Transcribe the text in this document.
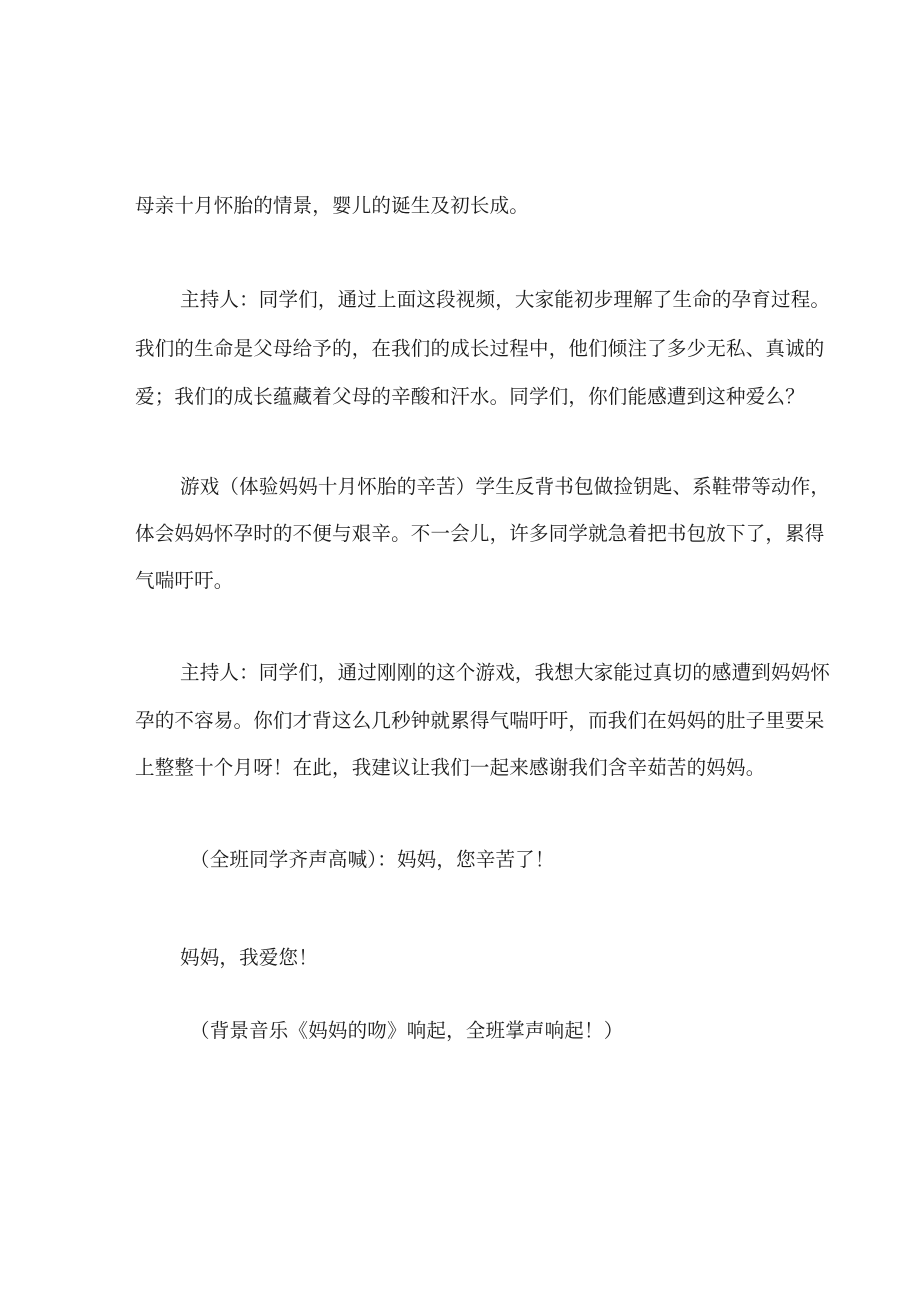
母亲十月怀胎的情景，婴儿的诞生及初长成。
主持人：同学们，通过上面这段视频，大家能初步理解了生命的孕育过程。
我们的生命是父母给予的，在我们的成长过程中，他们倾注了多少无私、真诚的
爱；我们的成长蕴藏着父母的辛酸和汗水。同学们，你们能感遭到这种爱么？
游戏（体验妈妈十月怀胎的辛苦）学生反背书包做捡钥匙、系鞋带等动作，
体会妈妈怀孕时的不便与艰辛。不一会儿，许多同学就急着把书包放下了，累得
气喘吁吁。
主持人：同学们，通过刚刚的这个游戏，我想大家能过真切的感遭到妈妈怀
孕的不容易。你们才背这么几秒钟就累得气喘吁吁，而我们在妈妈的肚子里要呆
上整整十个月呀！在此，我建议让我们一起来感谢我们含辛茹苦的妈妈。
（全班同学齐声高喊）：妈妈，您辛苦了！
妈妈，我爱您！
（背景音乐《妈妈的吻》响起，全班掌声响起！）
